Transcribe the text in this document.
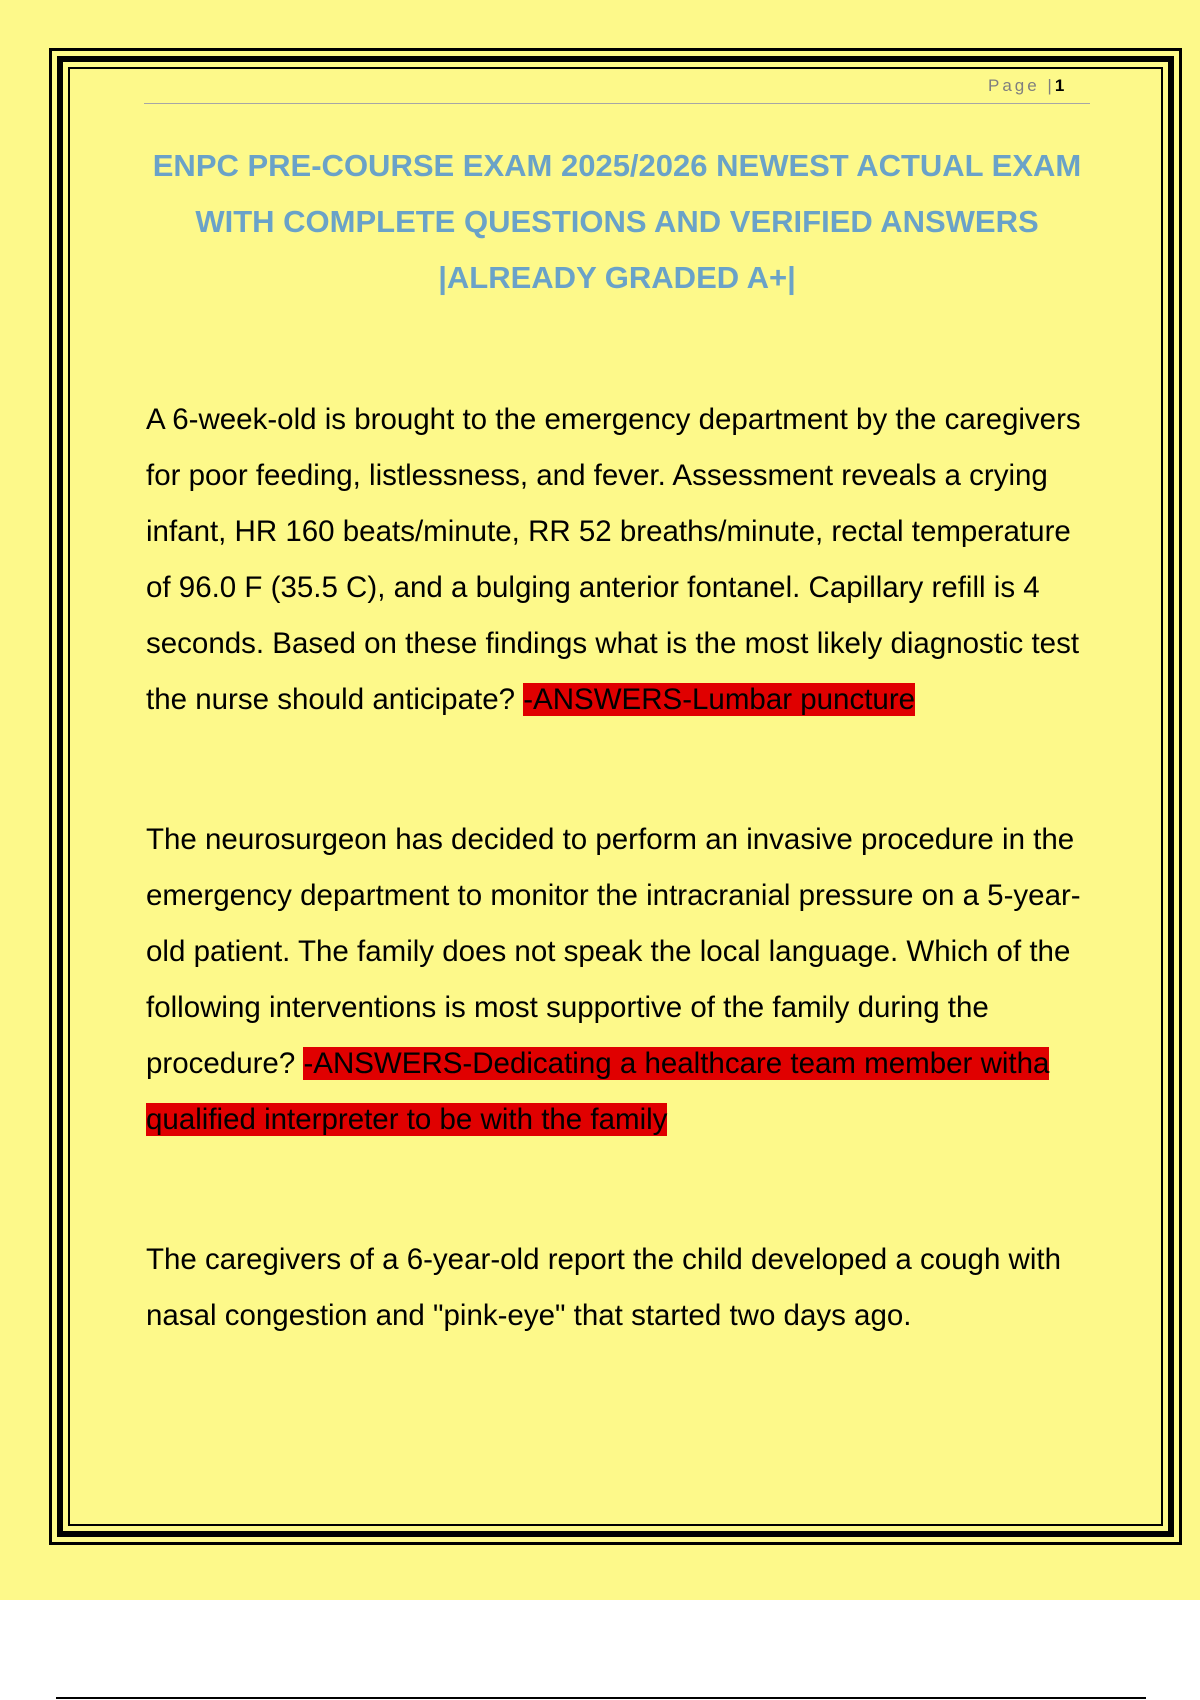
Page |1
ENPC PRE-COURSE EXAM 2025/2026 NEWEST ACTUAL EXAM WITH COMPLETE QUESTIONS AND VERIFIED ANSWERS |ALREADY GRADED A+|

A 6-week-old is brought to the emergency department by the caregivers for poor feeding, listlessness, and fever. Assessment reveals a crying infant, HR 160 beats/minute, RR 52 breaths/minute, rectal temperature of 96.0 F (35.5 C), and a bulging anterior fontanel. Capillary refill is 4 seconds. Based on these findings what is the most likely diagnostic test the nurse should anticipate? -ANSWERS-Lumbar puncture

The neurosurgeon has decided to perform an invasive procedure in the emergency department to monitor the intracranial pressure on a 5-year-old patient. The family does not speak the local language. Which of the following interventions is most supportive of the family during the procedure? -ANSWERS-Dedicating a healthcare team member witha qualified interpreter to be with the family

The caregivers of a 6-year-old report the child developed a cough with nasal congestion and "pink-eye" that started two days ago.
